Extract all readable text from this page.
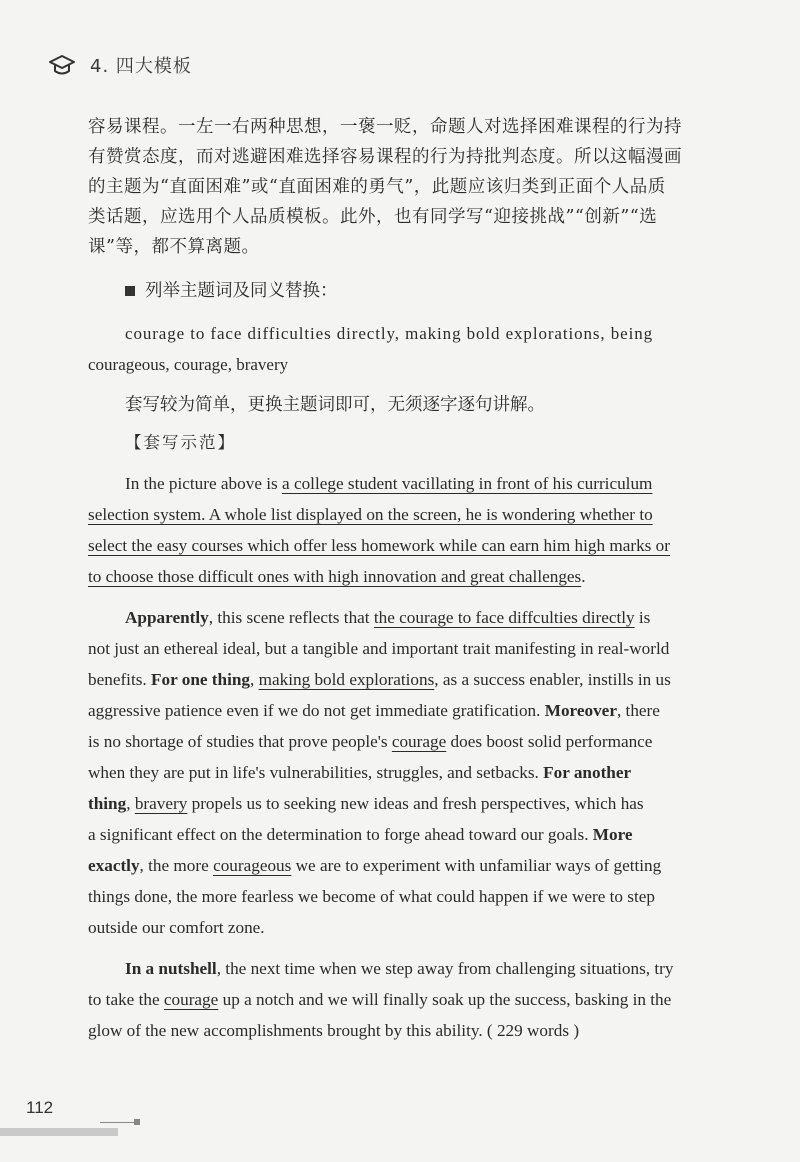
4. 四大模板
容易课程。一左一右两种思想，一褒一贬，命题人对选择困难课程的行为持
有赞赏态度，而对逃避困难选择容易课程的行为持批判态度。所以这幅漫画
的主题为“直面困难”或“直面困难的勇气”，此题应该归类到正面个人品质
类话题，应选用个人品质模板。此外，也有同学写“迎接挑战”“创新”“选
课”等，都不算离题。
列举主题词及同义替换：
courage to face difficulties directly, making bold explorations, being
courageous, courage, bravery
套写较为简单，更换主题词即可，无须逐字逐句讲解。
【套写示范】
In the picture above is a college student vacillating in front of his curriculum
selection system. A whole list displayed on the screen, he is wondering whether to
select the easy courses which offer less homework while can earn him high marks or
to choose those difficult ones with high innovation and great challenges.
Apparently, this scene reflects that the courage to face diffculties directly is
not just an ethereal ideal, but a tangible and important trait manifesting in real-world
benefits. For one thing, making bold explorations, as a success enabler, instills in us
aggressive patience even if we do not get immediate gratification. Moreover, there
is no shortage of studies that prove people's courage does boost solid performance
when they are put in life's vulnerabilities, struggles, and setbacks. For another
thing, bravery propels us to seeking new ideas and fresh perspectives, which has
a significant effect on the determination to forge ahead toward our goals. More
exactly, the more courageous we are to experiment with unfamiliar ways of getting
things done, the more fearless we become of what could happen if we were to step
outside our comfort zone.
In a nutshell, the next time when we step away from challenging situations, try
to take the courage up a notch and we will finally soak up the success, basking in the
glow of the new accomplishments brought by this ability. ( 229 words )
112
